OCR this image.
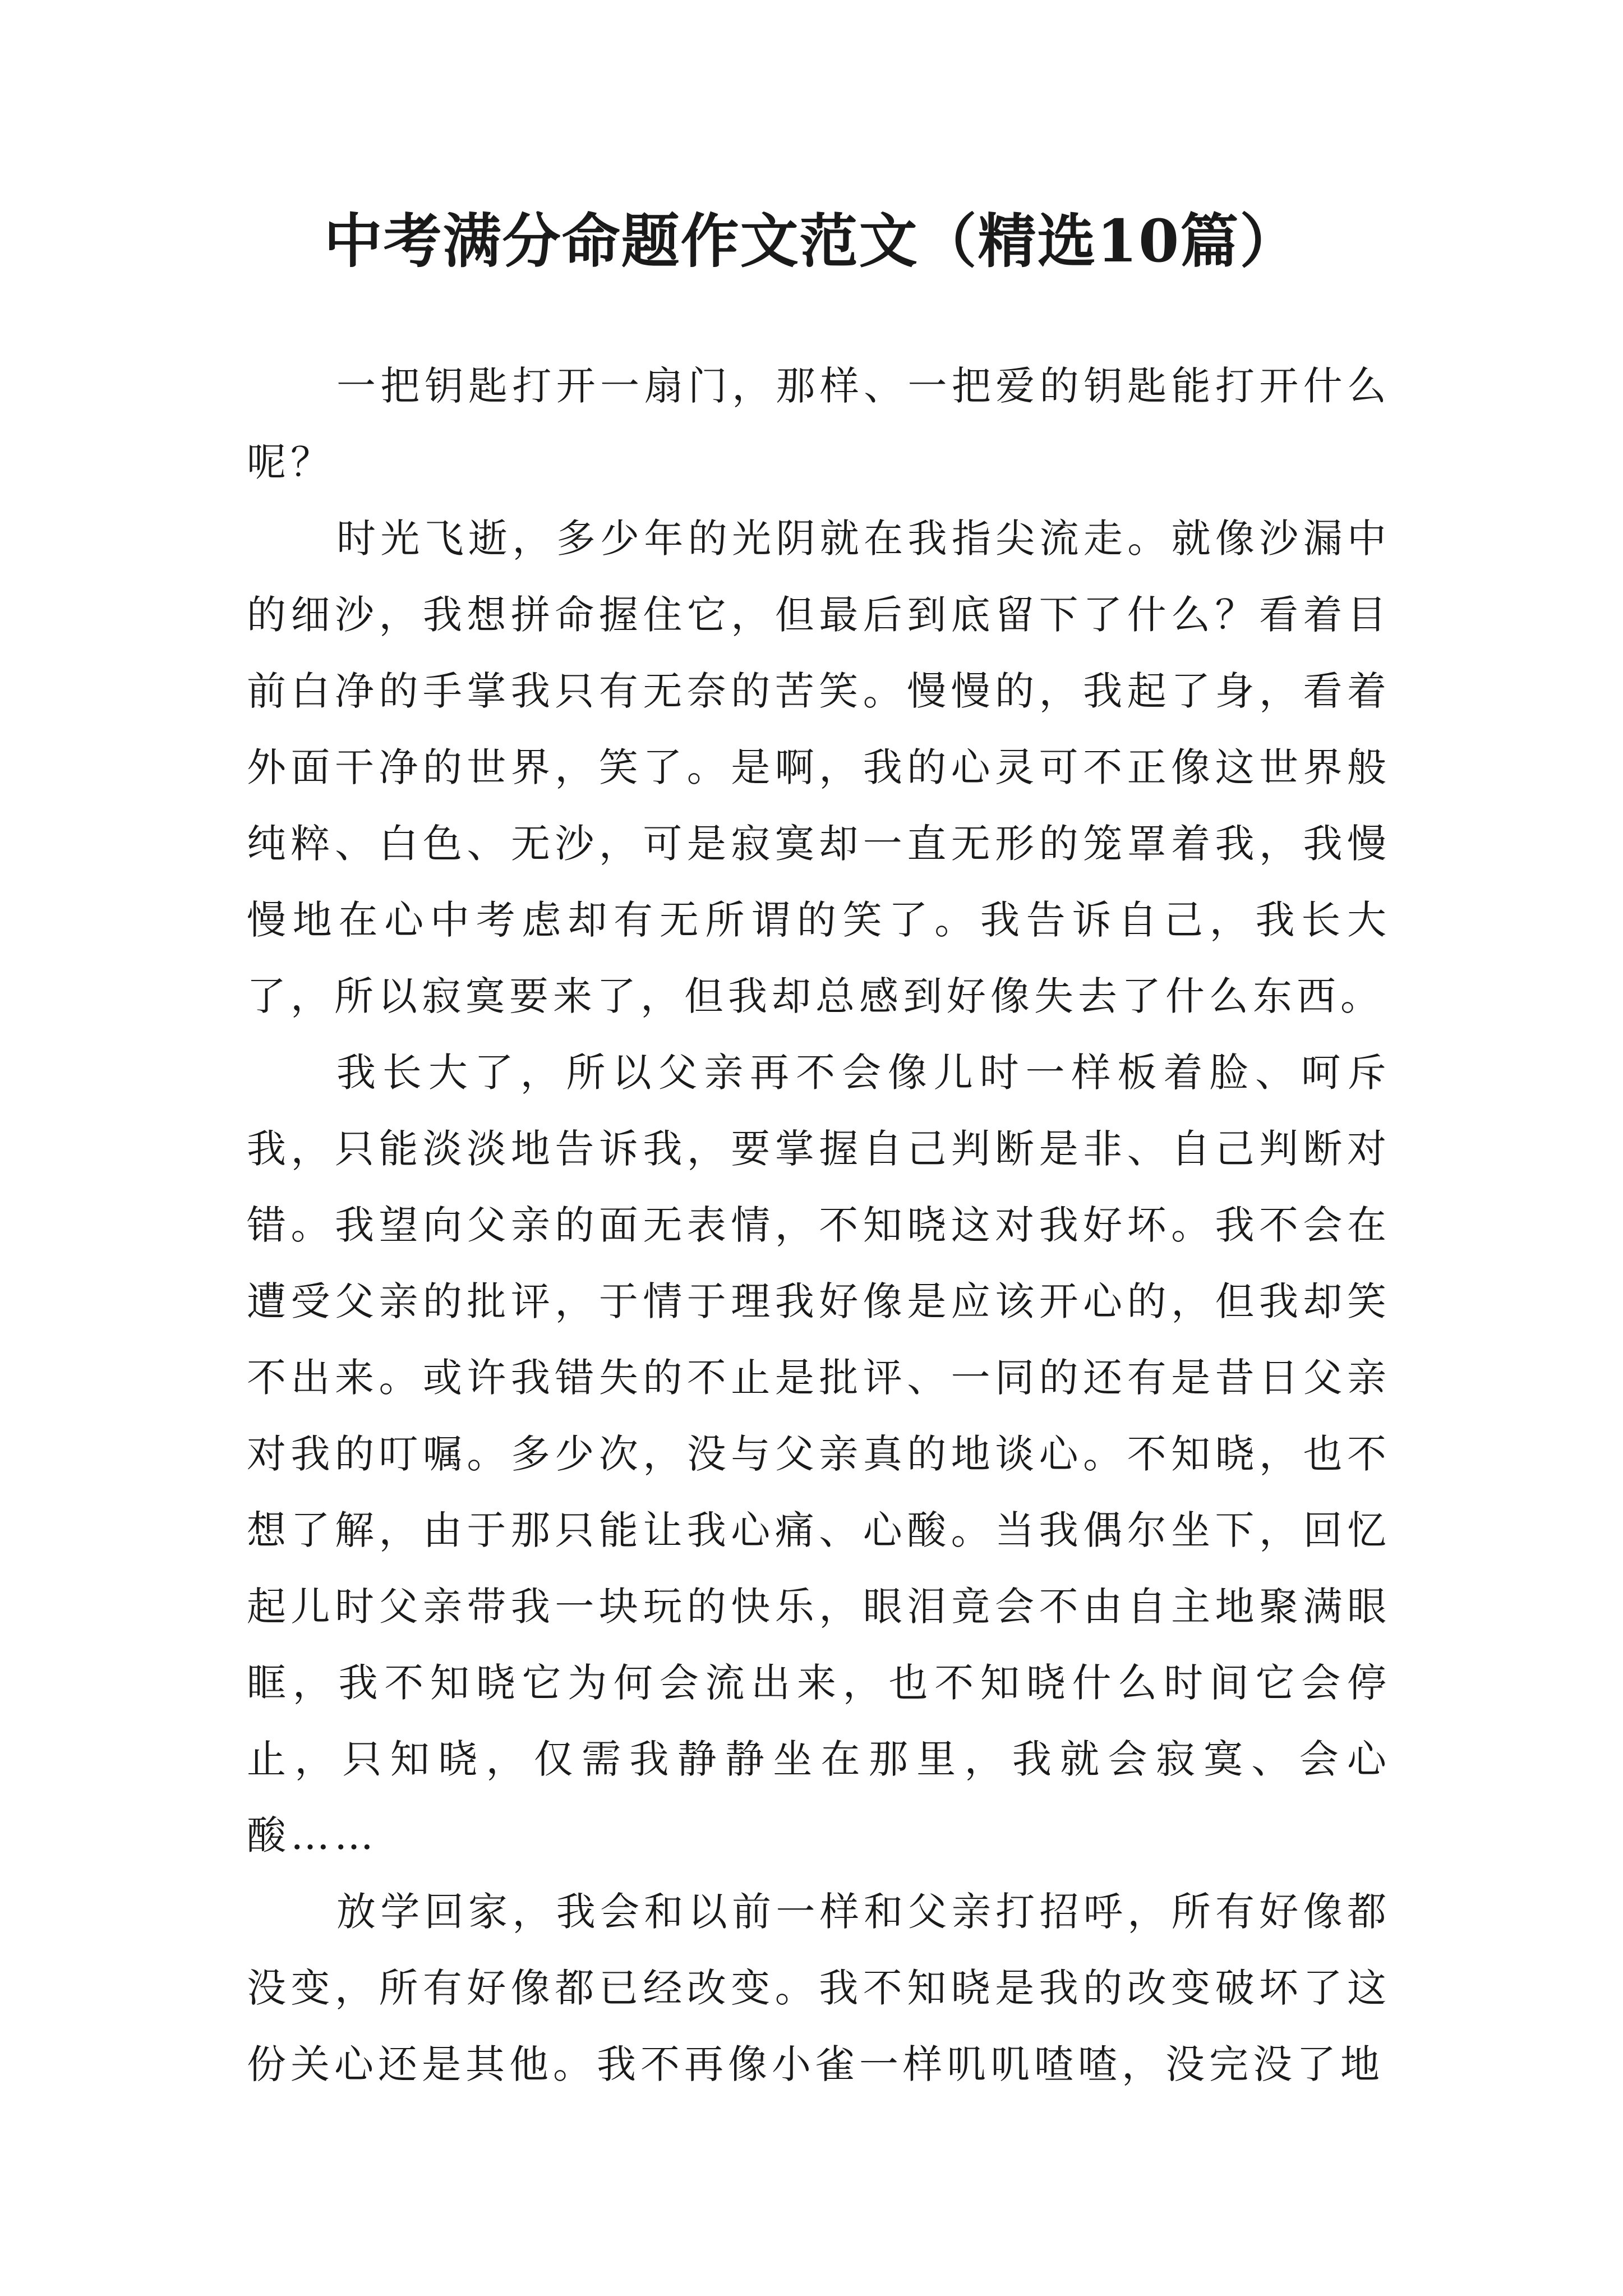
中考满分命题作文范文（精选10篇）

一把钥匙打开一扇门，那样、一把爱的钥匙能打开什么呢？

时光飞逝，多少年的光阴就在我指尖流走。就像沙漏中的细沙，我想拼命握住它，但最后到底留下了什么？看着目前白净的手掌我只有无奈的苦笑。慢慢的，我起了身，看着外面干净的世界，笑了。是啊，我的心灵可不正像这世界般纯粹、白色、无沙，可是寂寞却一直无形的笼罩着我，我慢慢地在心中考虑却有无所谓的笑了。我告诉自己，我长大了，所以寂寞要来了，但我却总感到好像失去了什么东西。

我长大了，所以父亲再不会像儿时一样板着脸、呵斥我，只能淡淡地告诉我，要掌握自己判断是非、自己判断对错。我望向父亲的面无表情，不知晓这对我好坏。我不会在遭受父亲的批评，于情于理我好像是应该开心的，但我却笑不出来。或许我错失的不止是批评、一同的还有是昔日父亲对我的叮嘱。多少次，没与父亲真的地谈心。不知晓，也不想了解，由于那只能让我心痛、心酸。当我偶尔坐下，回忆起儿时父亲带我一块玩的快乐，眼泪竟会不由自主地聚满眼眶，我不知晓它为何会流出来，也不知晓什么时间它会停止，只知晓，仅需我静静坐在那里，我就会寂寞、会心酸……

放学回家，我会和以前一样和父亲打招呼，所有好像都没变，所有好像都已经改变。我不知晓是我的改变破坏了这份关心还是其他。我不再像小雀一样叽叽喳喳，没完没了地
